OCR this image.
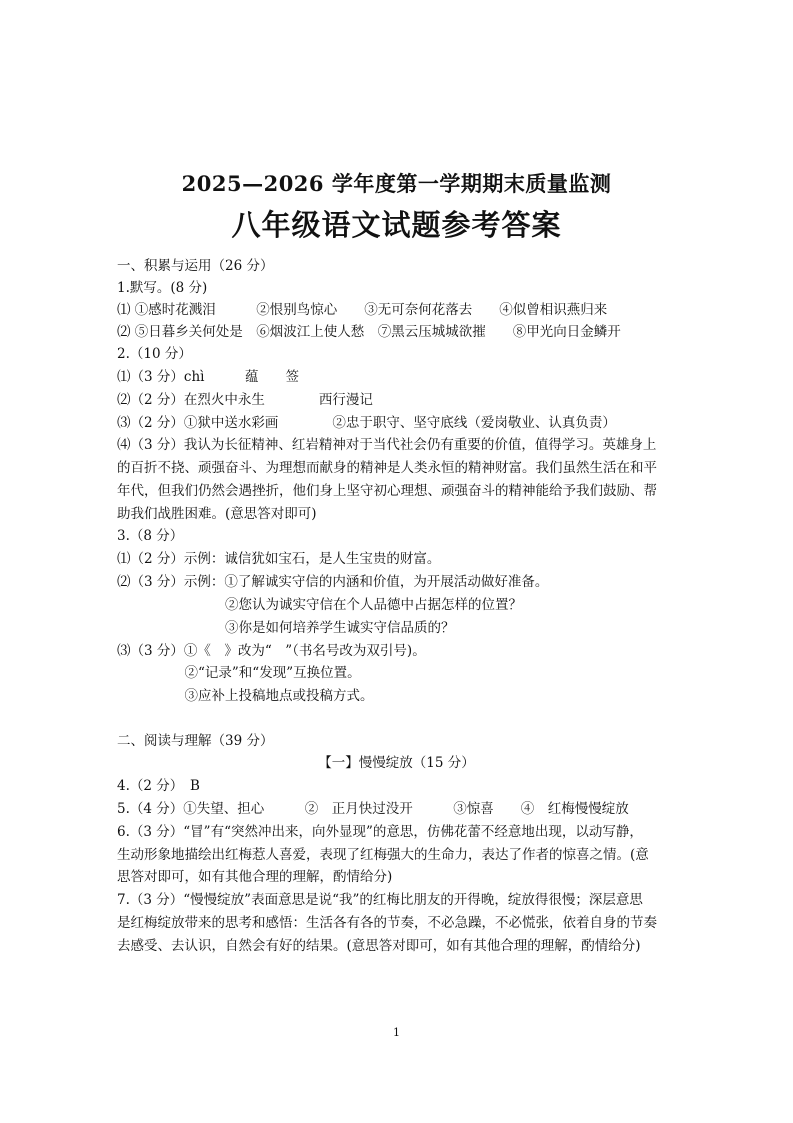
2025—2026 学年度第一学期期末质量监测
八年级语文试题参考答案
一、积累与运用（26 分）
1.默写。(8 分)
⑴ ①感时花溅泪　　　②恨别鸟惊心　　③无可奈何花落去　　④似曾相识燕归来
⑵ ⑤日暮乡关何处是　⑥烟波江上使人愁　⑦黑云压城城欲摧　　⑧甲光向日金鳞开
2.（10 分）
⑴（3 分）chì　　　蕴　　签
⑵（2 分）在烈火中永生　　　　西行漫记
⑶（2 分）①狱中送水彩画　　　　②忠于职守、坚守底线（爱岗敬业、认真负责）
⑷（3 分）我认为长征精神、红岩精神对于当代社会仍有重要的价值，值得学习。英雄身上
的百折不挠、顽强奋斗、为理想而献身的精神是人类永恒的精神财富。我们虽然生活在和平
年代，但我们仍然会遇挫折，他们身上坚守初心理想、顽强奋斗的精神能给予我们鼓励、帮
助我们战胜困难。(意思答对即可)
3.（8 分）
⑴（2 分）示例：诚信犹如宝石，是人生宝贵的财富。
⑵（3 分）示例：①了解诚实守信的内涵和价值，为开展活动做好准备。
　　　　　　　　②您认为诚实守信在个人品德中占据怎样的位置？
　　　　　　　　③你是如何培养学生诚实守信品质的？
⑶（3 分）①《　》改为“　”（书名号改为双引号)。
　　　　　②“记录”和“发现”互换位置。
　　　　　③应补上投稿地点或投稿方式。
二、阅读与理解（39 分）
【一】慢慢绽放（15 分）
4.（2 分）　B
5.（4 分）①失望、担心　　　②　正月快过没开　　　③惊喜　　④　红梅慢慢绽放
6.（3 分）“冒”有“突然冲出来，向外显现”的意思，仿佛花蕾不经意地出现，以动写静，
生动形象地描绘出红梅惹人喜爱，表现了红梅强大的生命力，表达了作者的惊喜之情。(意
思答对即可，如有其他合理的理解，酌情给分)
7.（3 分）“慢慢绽放”表面意思是说“我”的红梅比朋友的开得晚，绽放得很慢；深层意思
是红梅绽放带来的思考和感悟：生活各有各的节奏，不必急躁，不必慌张，依着自身的节奏
去感受、去认识，自然会有好的结果。(意思答对即可，如有其他合理的理解，酌情给分)
1
